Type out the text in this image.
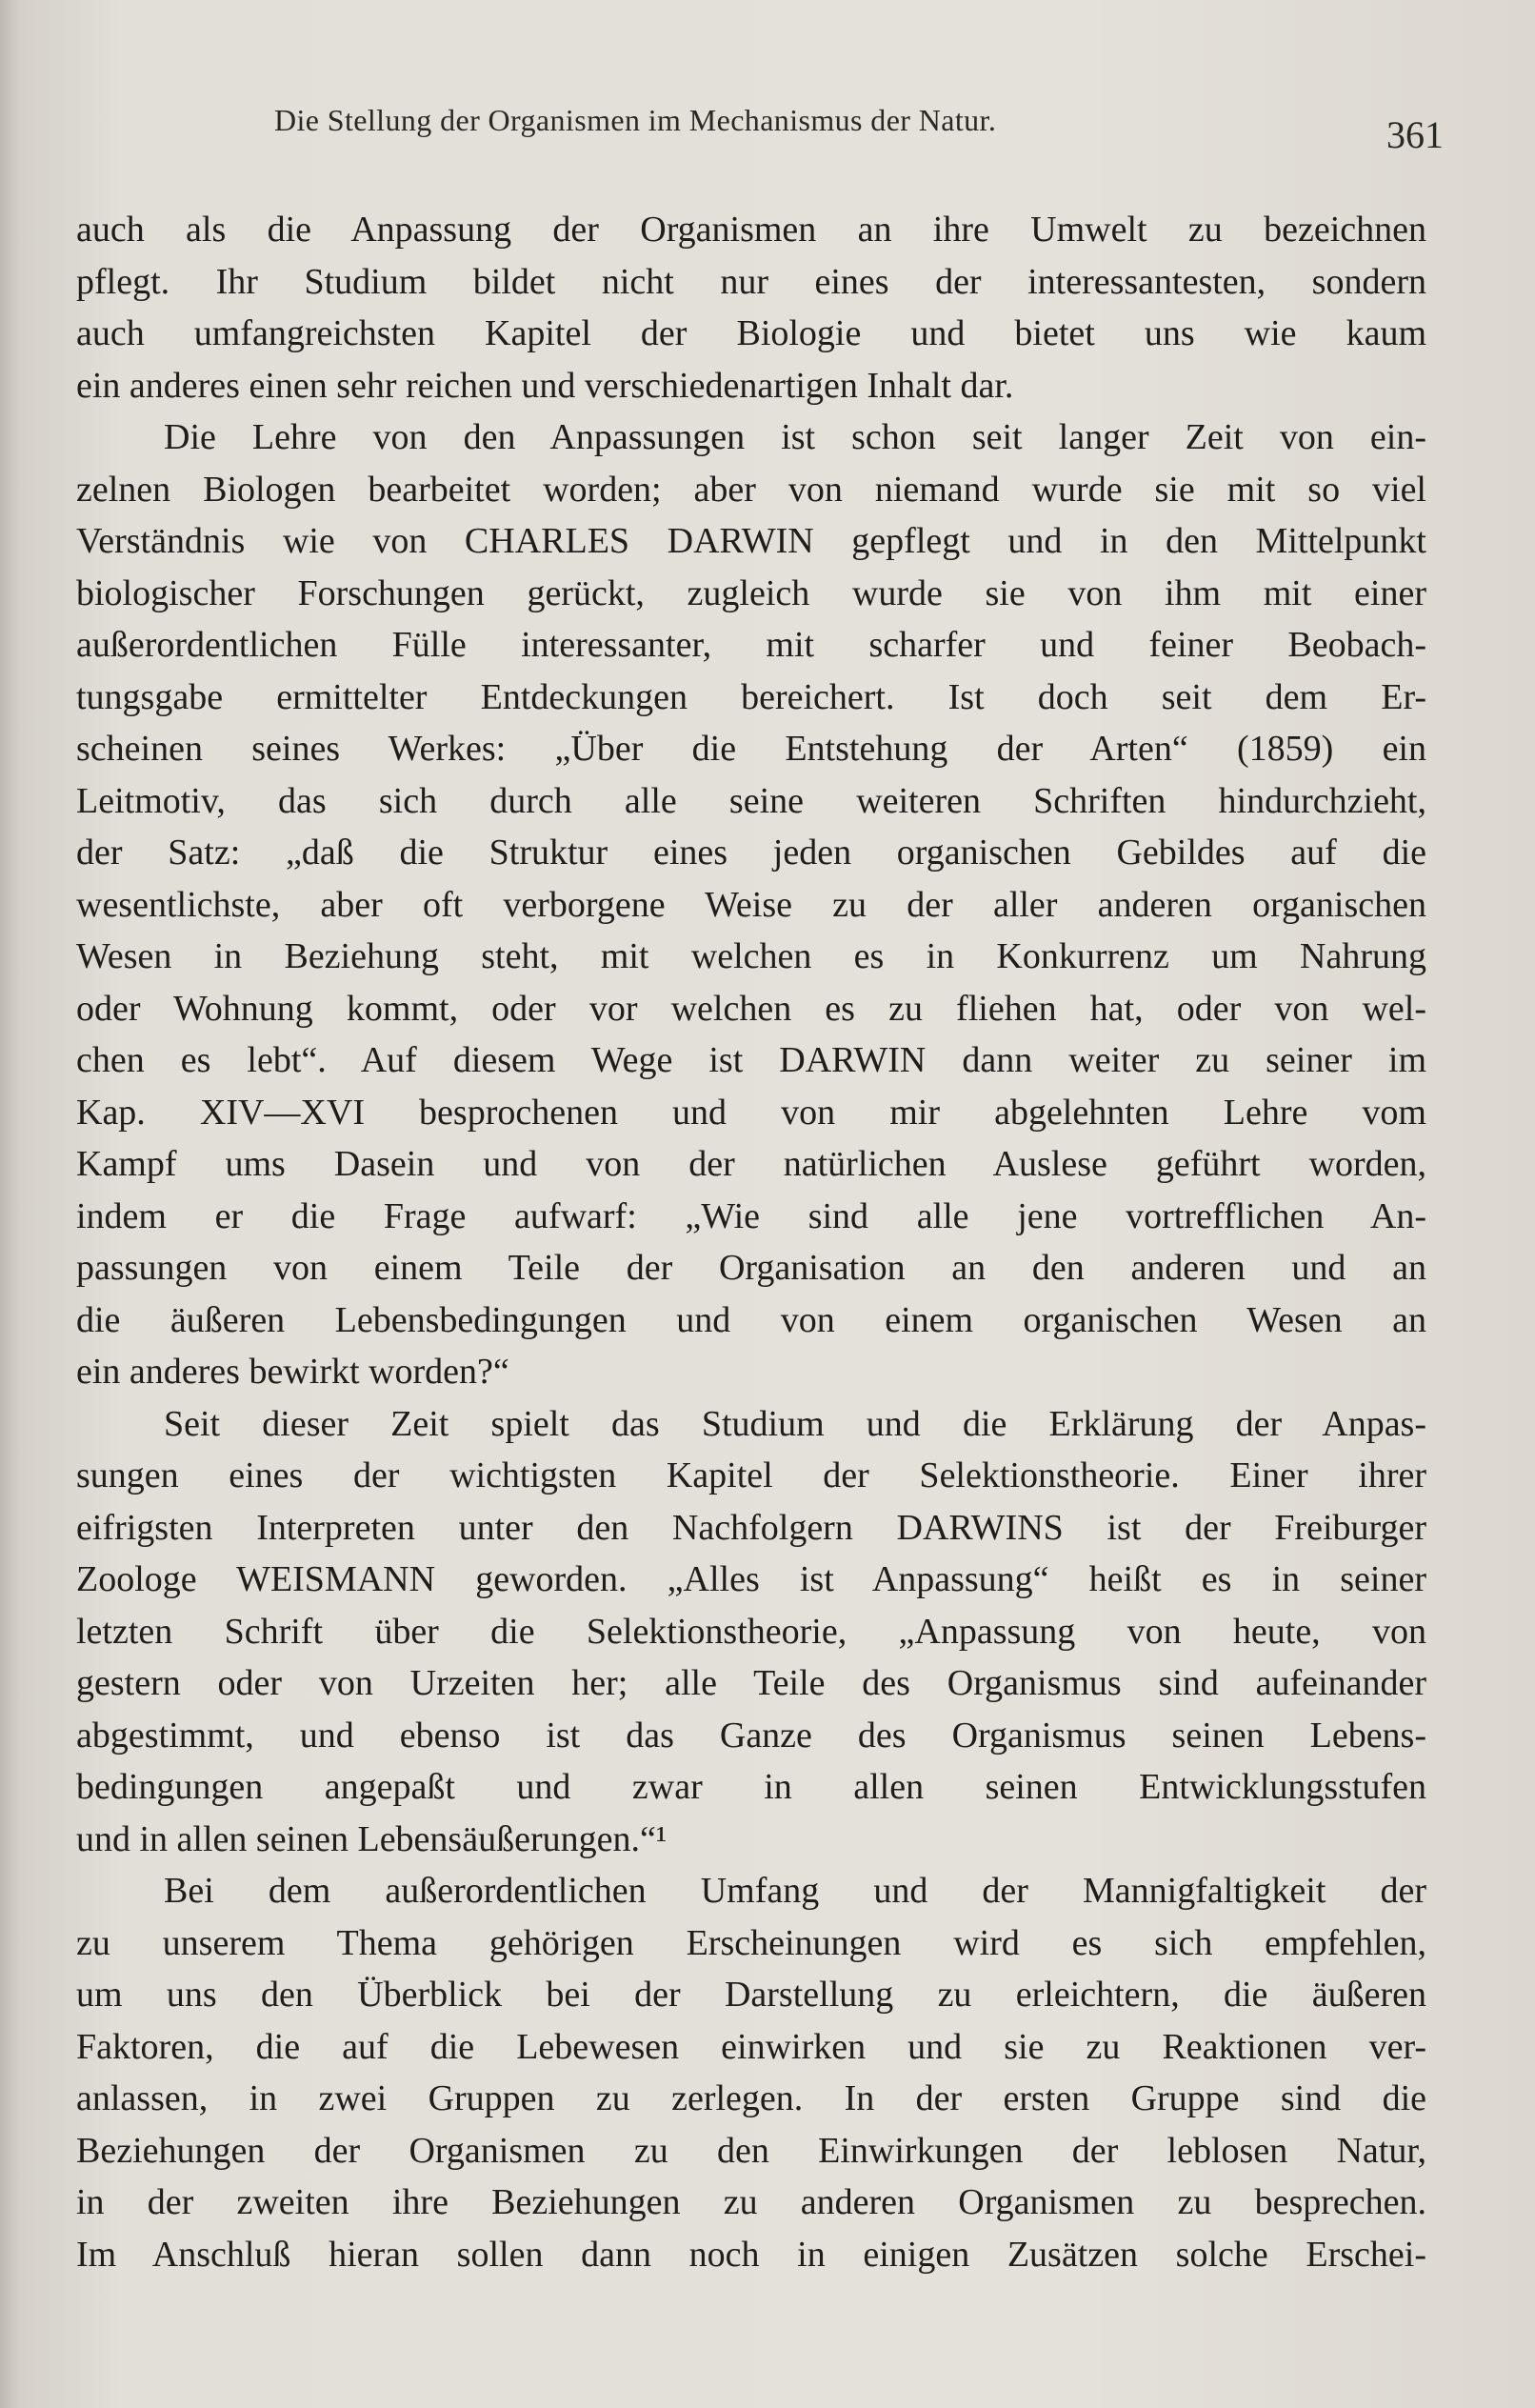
Die Stellung der Organismen im Mechanismus der Natur.	361
auch als die Anpassung der Organismen an ihre Umwelt zu bezeichnen
pflegt. Ihr Studium bildet nicht nur eines der interessantesten, sondern
auch umfangreichsten Kapitel der Biologie und bietet uns wie kaum
ein anderes einen sehr reichen und verschiedenartigen Inhalt dar.
Die Lehre von den Anpassungen ist schon seit langer Zeit von ein-
zelnen Biologen bearbeitet worden; aber von niemand wurde sie mit so viel
Verständnis wie von CHARLES DARWIN gepflegt und in den Mittelpunkt
biologischer Forschungen gerückt, zugleich wurde sie von ihm mit einer
außerordentlichen Fülle interessanter, mit scharfer und feiner Beobach-
tungsgabe ermittelter Entdeckungen bereichert. Ist doch seit dem Er-
scheinen seines Werkes: „Über die Entstehung der Arten“ (1859) ein
Leitmotiv, das sich durch alle seine weiteren Schriften hindurchzieht,
der Satz: „daß die Struktur eines jeden organischen Gebildes auf die
wesentlichste, aber oft verborgene Weise zu der aller anderen organischen
Wesen in Beziehung steht, mit welchen es in Konkurrenz um Nahrung
oder Wohnung kommt, oder vor welchen es zu fliehen hat, oder von wel-
chen es lebt“. Auf diesem Wege ist DARWIN dann weiter zu seiner im
Kap. XIV—XVI besprochenen und von mir abgelehnten Lehre vom
Kampf ums Dasein und von der natürlichen Auslese geführt worden,
indem er die Frage aufwarf: „Wie sind alle jene vortrefflichen An-
passungen von einem Teile der Organisation an den anderen und an
die äußeren Lebensbedingungen und von einem organischen Wesen an
ein anderes bewirkt worden?“
Seit dieser Zeit spielt das Studium und die Erklärung der Anpas-
sungen eines der wichtigsten Kapitel der Selektionstheorie. Einer ihrer
eifrigsten Interpreten unter den Nachfolgern DARWINS ist der Freiburger
Zoologe WEISMANN geworden. „Alles ist Anpassung“ heißt es in seiner
letzten Schrift über die Selektionstheorie, „Anpassung von heute, von
gestern oder von Urzeiten her; alle Teile des Organismus sind aufeinander
abgestimmt, und ebenso ist das Ganze des Organismus seinen Lebens-
bedingungen angepaßt und zwar in allen seinen Entwicklungsstufen
und in allen seinen Lebensäußerungen.“¹
Bei dem außerordentlichen Umfang und der Mannigfaltigkeit der
zu unserem Thema gehörigen Erscheinungen wird es sich empfehlen,
um uns den Überblick bei der Darstellung zu erleichtern, die äußeren
Faktoren, die auf die Lebewesen einwirken und sie zu Reaktionen ver-
anlassen, in zwei Gruppen zu zerlegen. In der ersten Gruppe sind die
Beziehungen der Organismen zu den Einwirkungen der leblosen Natur,
in der zweiten ihre Beziehungen zu anderen Organismen zu besprechen.
Im Anschluß hieran sollen dann noch in einigen Zusätzen solche Erschei-
